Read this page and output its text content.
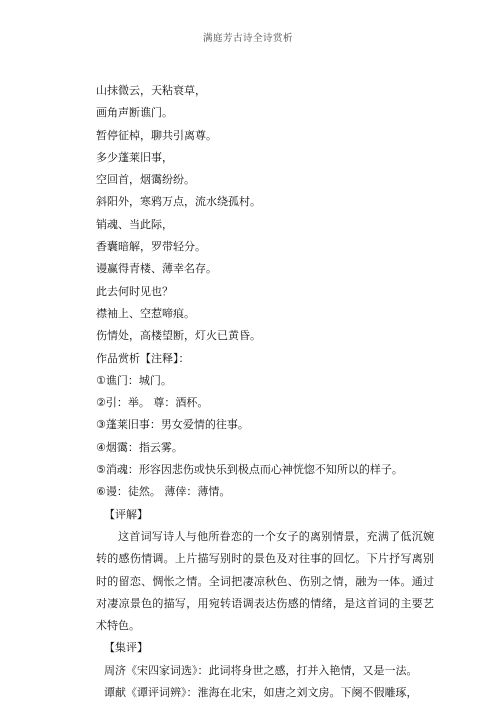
满庭芳古诗全诗赏析
山抹微云，天粘衰草，
画角声断谯门。
暂停征棹，聊共引离尊。
多少蓬莱旧事，
空回首，烟霭纷纷。
斜阳外，寒鸦万点，流水绕孤村。
销魂、当此际，
香囊暗解，罗带轻分。
谩赢得青楼、薄幸名存。
此去何时见也？
襟袖上、空惹啼痕。
伤情处，高楼望断，灯火已黄昏。
作品赏析【注释】：
①谯门：城门。
②引：举。 尊：酒杯。
③蓬莱旧事：男女爱情的往事。
④烟霭：指云雾。
⑤消魂：形容因悲伤或快乐到极点而心神恍惚不知所以的样子。
⑥谩：徒然。 薄倖：薄情。
【评解】
这首词写诗人与他所眷恋的一个女子的离别情景，充满了低沉婉转的感伤情调。上片描写别时的景色及对往事的回忆。下片抒写离别时的留恋、惆怅之情。全词把凄凉秋色、伤别之情，融为一体。通过对凄凉景色的描写，用宛转语调表达伤感的情绪，是这首词的主要艺术特色。
【集评】
周济《宋四家词选》：此词将身世之感，打并入艳情，又是一法。
谭献《谭评词辨》：淮海在北宋，如唐之刘文房。下阕不假雕琢，
